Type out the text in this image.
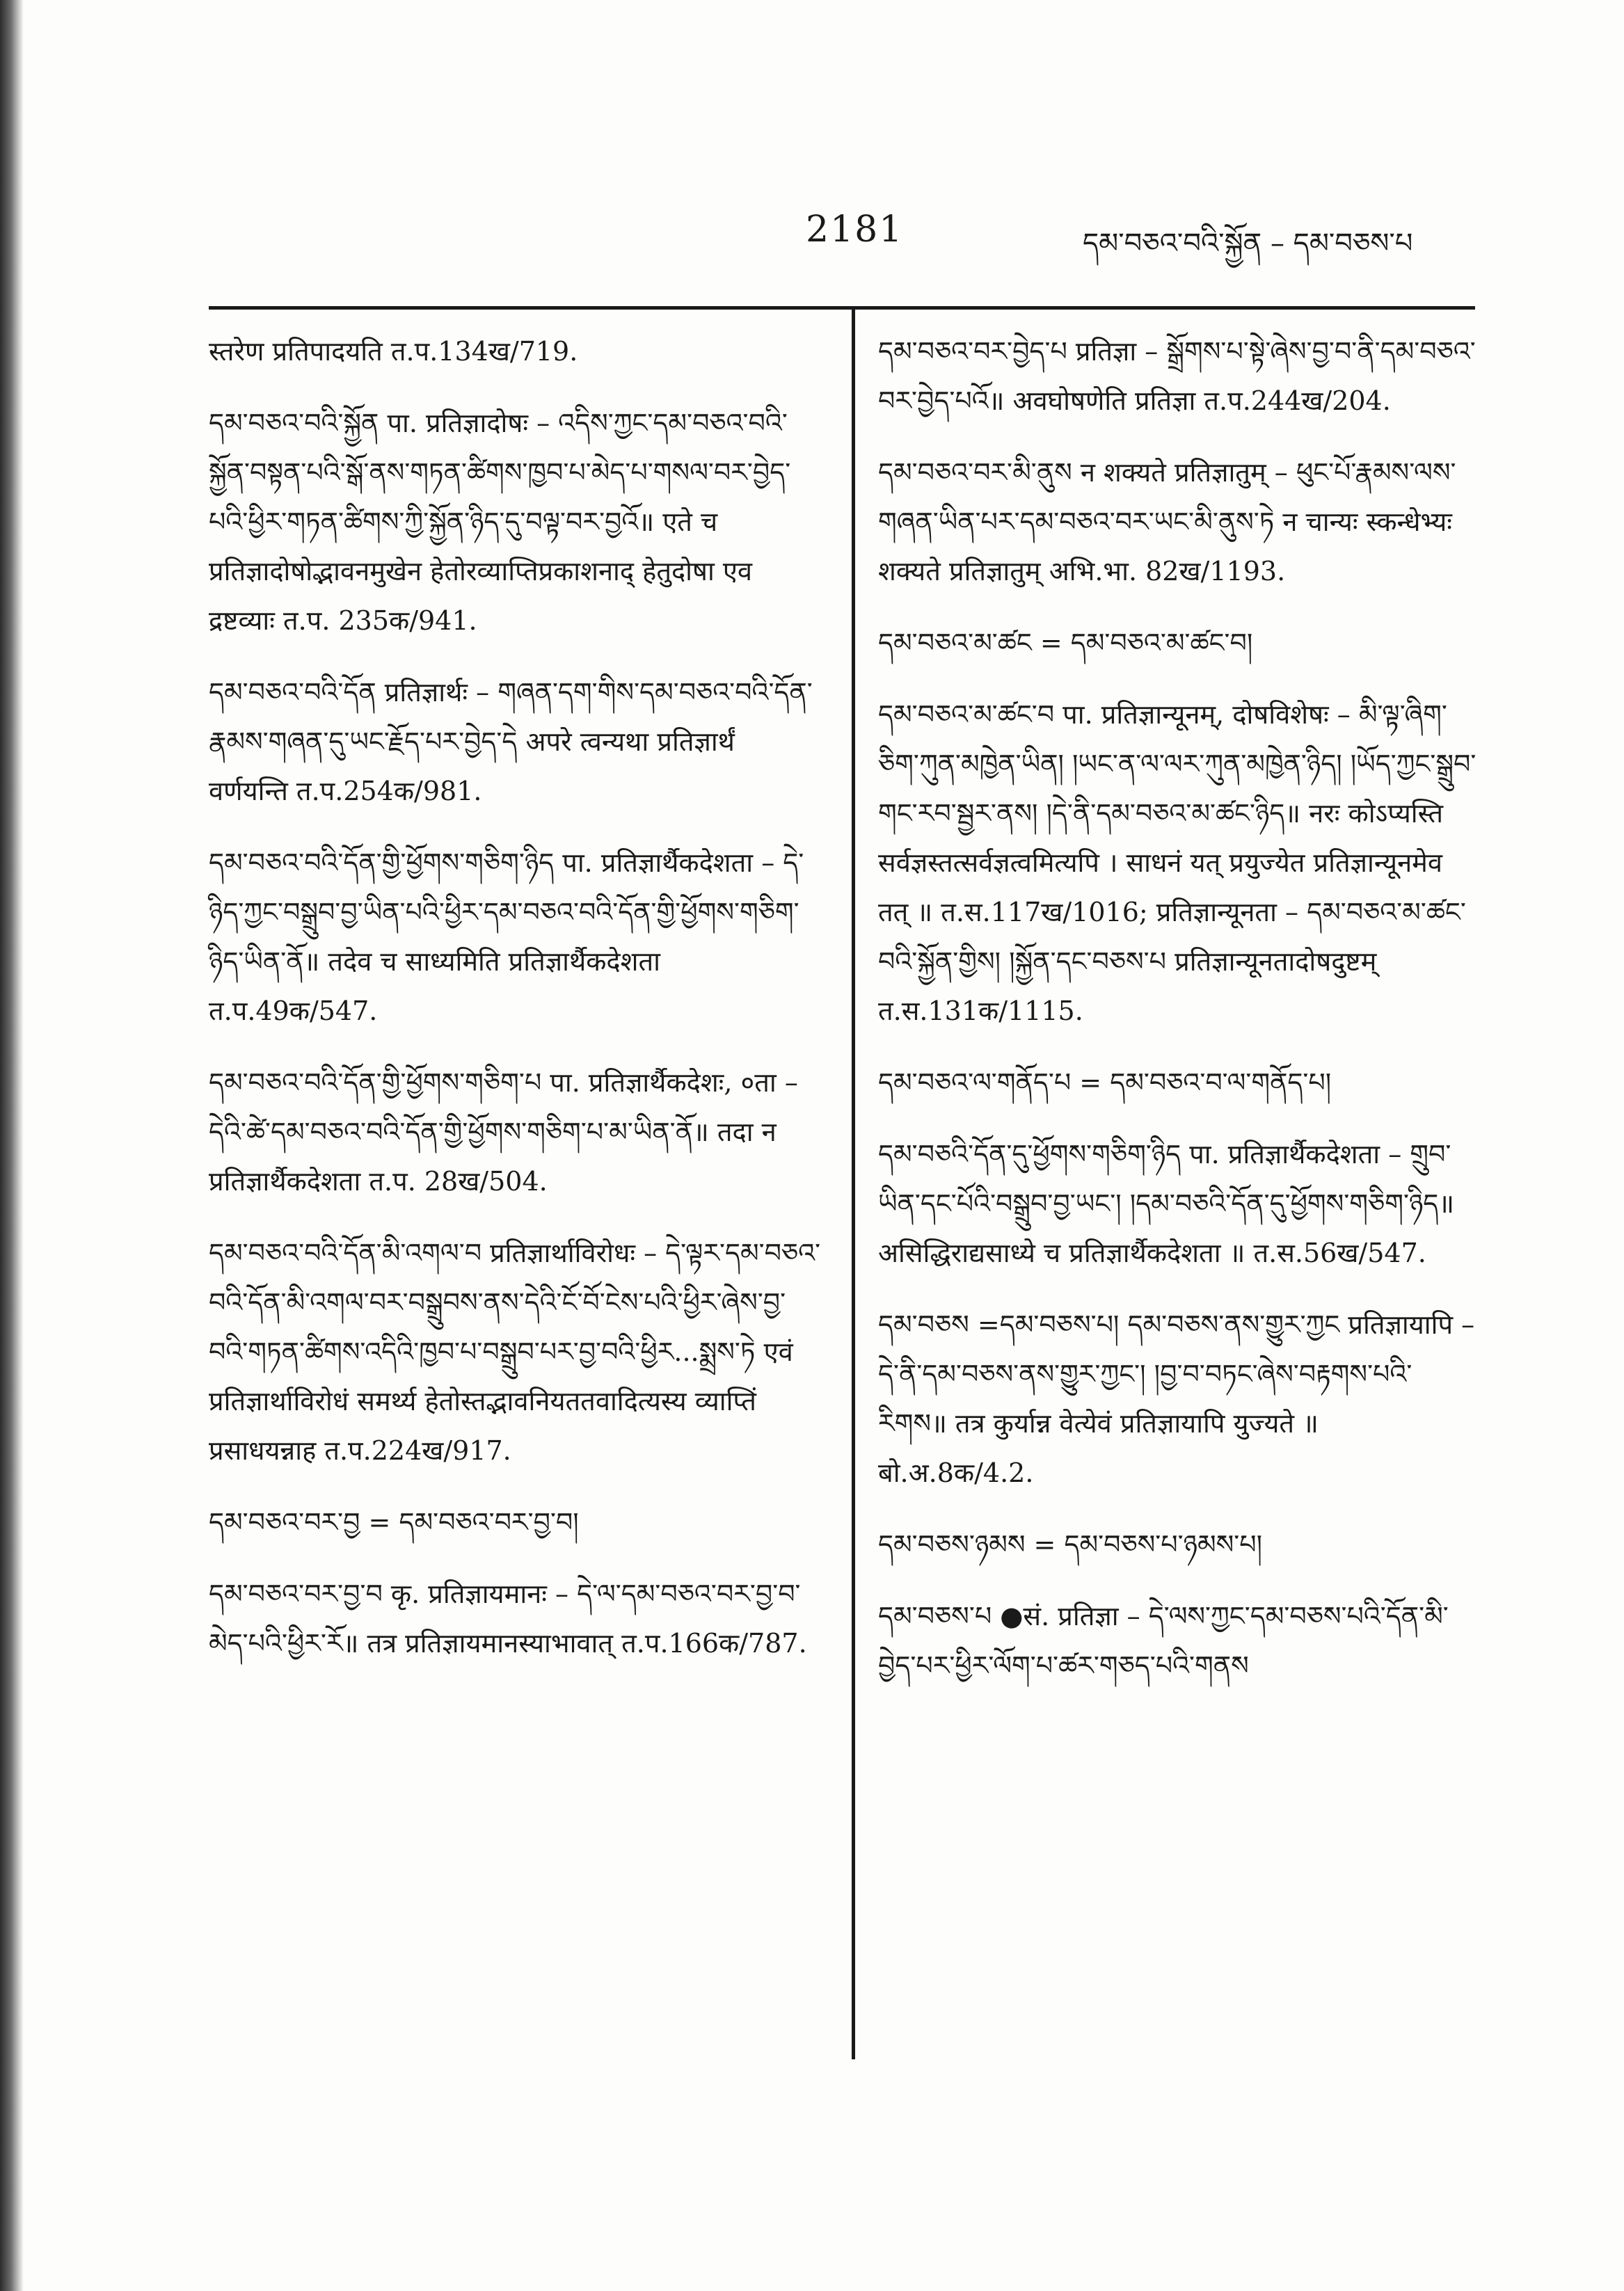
2181	དམ་བཅའ་བའི་སྐྱོན – དམ་བཅས་པ
स्तरेण प्रतिपादयति त.प.134ख/719.
དམ་བཅའ་བའི་སྐྱོན पा. प्रतिज्ञादोषः – འདིས་ཀྱང་དམ་བཅའ་བའི་སྐྱོན་བསྟན་པའི་སྒོ་ནས་གཏན་ཚིགས་ཁྱབ་པ་མེད་པ་གསལ་བར་བྱེད་པའི་ཕྱིར་གཏན་ཚིགས་ཀྱི་སྐྱོན་ཉིད་དུ་བལྟ་བར་བྱའོ॥ एते च प्रतिज्ञादोषोद्भावनमुखेन हेतोरव्याप्तिप्रकाशनाद् हेतुदोषा एव द्रष्टव्याः त.प. 235क/941.
དམ་བཅའ་བའི་དོན प्रतिज्ञार्थः – གཞན་དག་གིས་དམ་བཅའ་བའི་དོན་རྣམས་གཞན་དུ་ཡང་རྗོད་པར་བྱེད་དེ अपरे त्वन्यथा प्रतिज्ञार्थं वर्णयन्ति त.प.254क/981.
དམ་བཅའ་བའི་དོན་གྱི་ཕྱོགས་གཅིག་ཉིད पा. प्रतिज्ञार्थैकदेशता – དེ་ཉིད་ཀྱང་བསྒྲུབ་བྱ་ཡིན་པའི་ཕྱིར་དམ་བཅའ་བའི་དོན་གྱི་ཕྱོགས་གཅིག་ཉིད་ཡིན་ནོ॥ तदेव च साध्यमिति प्रतिज्ञार्थैकदेशता त.प.49क/547.
དམ་བཅའ་བའི་དོན་གྱི་ཕྱོགས་གཅིག་པ पा. प्रतिज्ञार्थैकदेशः, ०ता – དེའི་ཚེ་དམ་བཅའ་བའི་དོན་གྱི་ཕྱོགས་གཅིག་པ་མ་ཡིན་ནོ॥ तदा न प्रतिज्ञार्थैकदेशता त.प. 28ख/504.
དམ་བཅའ་བའི་དོན་མི་འགལ་བ प्रतिज्ञार्थाविरोधः – དེ་ལྟར་དམ་བཅའ་བའི་དོན་མི་འགལ་བར་བསྒྲུབས་ནས་དེའི་ངོ་བོ་ངེས་པའི་ཕྱིར་ཞེས་བྱ་བའི་གཏན་ཚིགས་འདིའི་ཁྱབ་པ་བསྒྲུབ་པར་བྱ་བའི་ཕྱིར...སྨྲས་ཏེ एवं प्रतिज्ञार्थाविरोधं समर्थ्य हेतोस्तद्भावनियततवादित्यस्य व्याप्तिं प्रसाधयन्नाह त.प.224ख/917.
དམ་བཅའ་བར་བྱ = དམ་བཅའ་བར་བྱ་བ།
དམ་བཅའ་བར་བྱ་བ कृ. प्रतिज्ञायमानः – དེ་ལ་དམ་བཅའ་བར་བྱ་བ་མེད་པའི་ཕྱིར་རོ॥ तत्र प्रतिज्ञायमानस्याभावात् त.प.166क/787.
དམ་བཅའ་བར་བྱེད་པ प्रतिज्ञा – སྒྲོགས་པ་སྟེ་ཞེས་བྱ་བ་ནི་དམ་བཅའ་བར་བྱེད་པའོ॥ अवघोषणेति प्रतिज्ञा त.प.244ख/204.
དམ་བཅའ་བར་མི་ནུས न शक्यते प्रतिज्ञातुम् – ཕུང་པོ་རྣམས་ལས་གཞན་ཡིན་པར་དམ་བཅའ་བར་ཡང་མི་ནུས་ཏེ न चान्यः स्कन्धेभ्यः शक्यते प्रतिज्ञातुम् अभि.भा. 82ख/1193.
དམ་བཅའ་མ་ཚང = དམ་བཅའ་མ་ཚང་བ།
དམ་བཅའ་མ་ཚང་བ पा. प्रतिज्ञान्यूनम्, दोषविशेषः – མི་ལྟ་ཞིག་ཅིག་ཀུན་མཁྱེན་ཡིན། །ཡང་ན་ལ་ལར་ཀུན་མཁྱེན་ཉིད། །ཡོད་ཀྱང་སྒྲུབ་གང་རབ་སྦྱར་ནས། །དེ་ནི་དམ་བཅའ་མ་ཚང་ཉིད॥ नरः कोऽप्यस्ति सर्वज्ञस्तत्सर्वज्ञत्वमित्यपि । साधनं यत् प्रयुज्येत प्रतिज्ञान्यूनमेव तत् ॥ त.स.117ख/1016; प्रतिज्ञान्यूनता – དམ་བཅའ་མ་ཚང་བའི་སྐྱོན་གྱིས། །སྐྱོན་དང་བཅས་པ प्रतिज्ञान्यूनतादोषदुष्टम् त.स.131क/1115.
དམ་བཅའ་ལ་གནོད་པ = དམ་བཅའ་བ་ལ་གནོད་པ།
དམ་བཅའི་དོན་དུ་ཕྱོགས་གཅིག་ཉིད पा. प्रतिज्ञार्थैकदेशता – གྲུབ་ཡིན་དང་པོའི་བསྒྲུབ་བྱ་ཡང་། །དམ་བཅའི་དོན་དུ་ཕྱོགས་གཅིག་ཉིད॥ असिद्धिराद्यसाध्ये च प्रतिज्ञार्थैकदेशता ॥ त.स.56ख/547.
དམ་བཅས =དམ་བཅས་པ། དམ་བཅས་ནས་གྱུར་ཀྱང प्रतिज्ञायापि – དེ་ནི་དམ་བཅས་ནས་གྱུར་ཀྱང་། །བྱ་བ་བཏང་ཞེས་བརྟགས་པའི་རིགས॥ तत्र कुर्यान्न वेत्येवं प्रतिज्ञायापि युज्यते ॥ बो.अ.8क/4.2.
དམ་བཅས་ཉམས = དམ་བཅས་པ་ཉམས་པ།
དམ་བཅས་པ ●सं. प्रतिज्ञा – དེ་ལས་ཀྱང་དམ་བཅས་པའི་དོན་མི་བྱེད་པར་ཕྱིར་ལོག་པ་ཚར་གཅད་པའི་གནས
